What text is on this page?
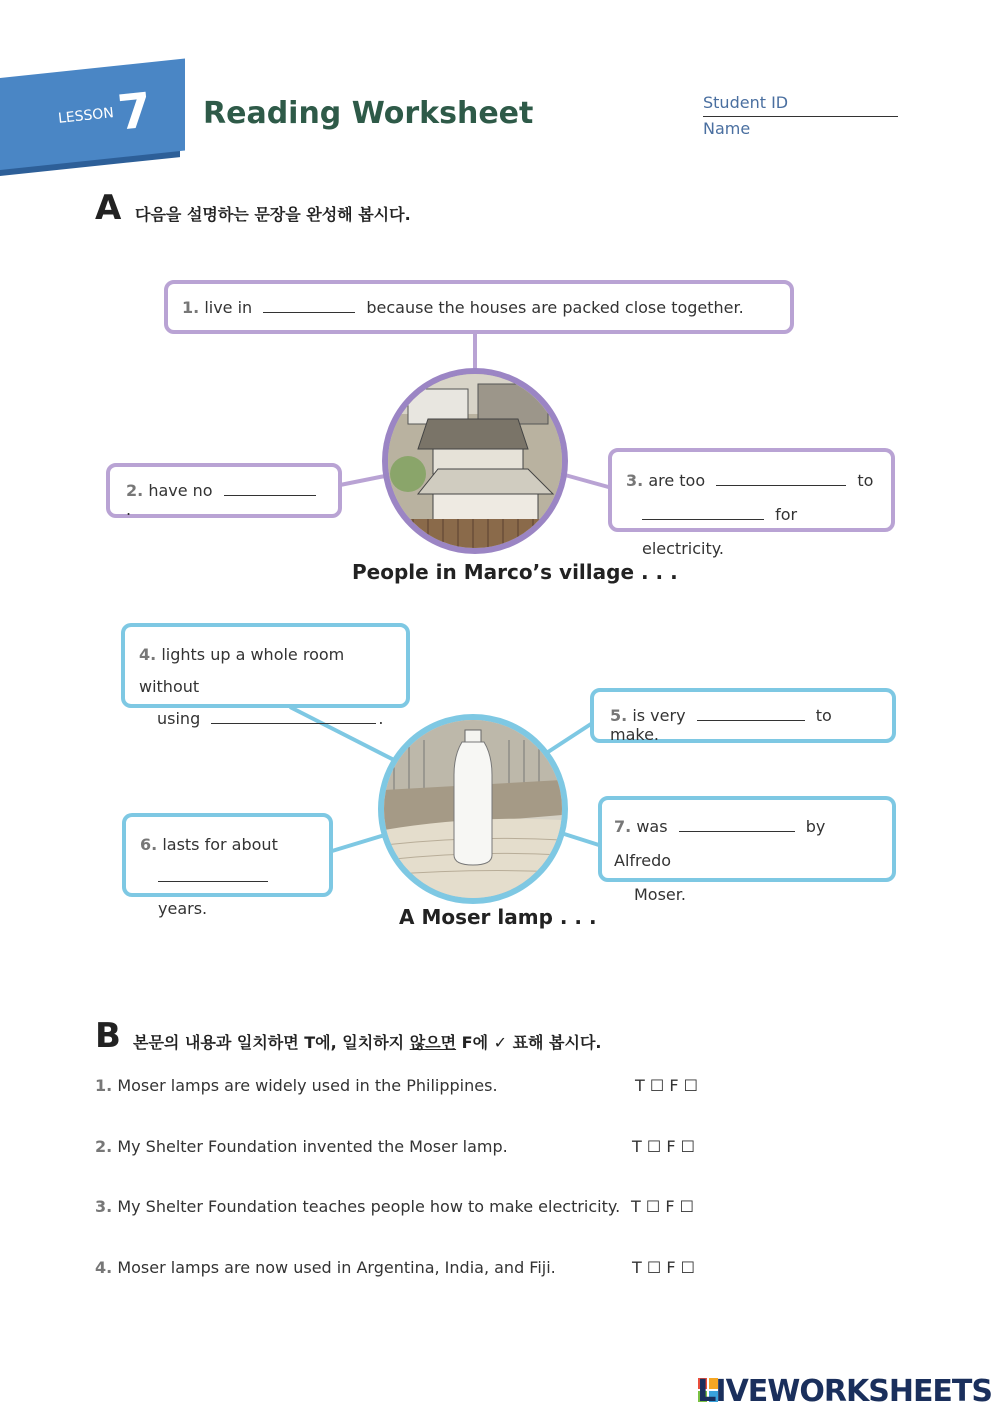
LESSON 7 Reading Worksheet	Student ID
Name
A 다음을 설명하는 문장을 완성해 봅시다.
1. live in	because the houses are packed close together.
2. have no  .
3. are too	to
for electricity.
People in Marco’s village . . .
4. lights up a whole room without
using	.	5. is very	to make.
6. lasts for about
years.
7. was	by Alfredo
Moser.
A Moser lamp . . .
B 본문의 내용과 일치하면 T에, 일치하지 않으면 F에 ✓ 표해 봅시다.
1. Moser lamps are widely used in the Philippines.	T ☐ F ☐
2. My Shelter Foundation invented the Moser lamp.	T ☐ F ☐
3. My Shelter Foundation teaches people how to make electricity. T ☐ F ☐
4. Moser lamps are now used in Argentina, India, and Fiji.	T ☐ F ☐
LIVEWORKSHEETS
